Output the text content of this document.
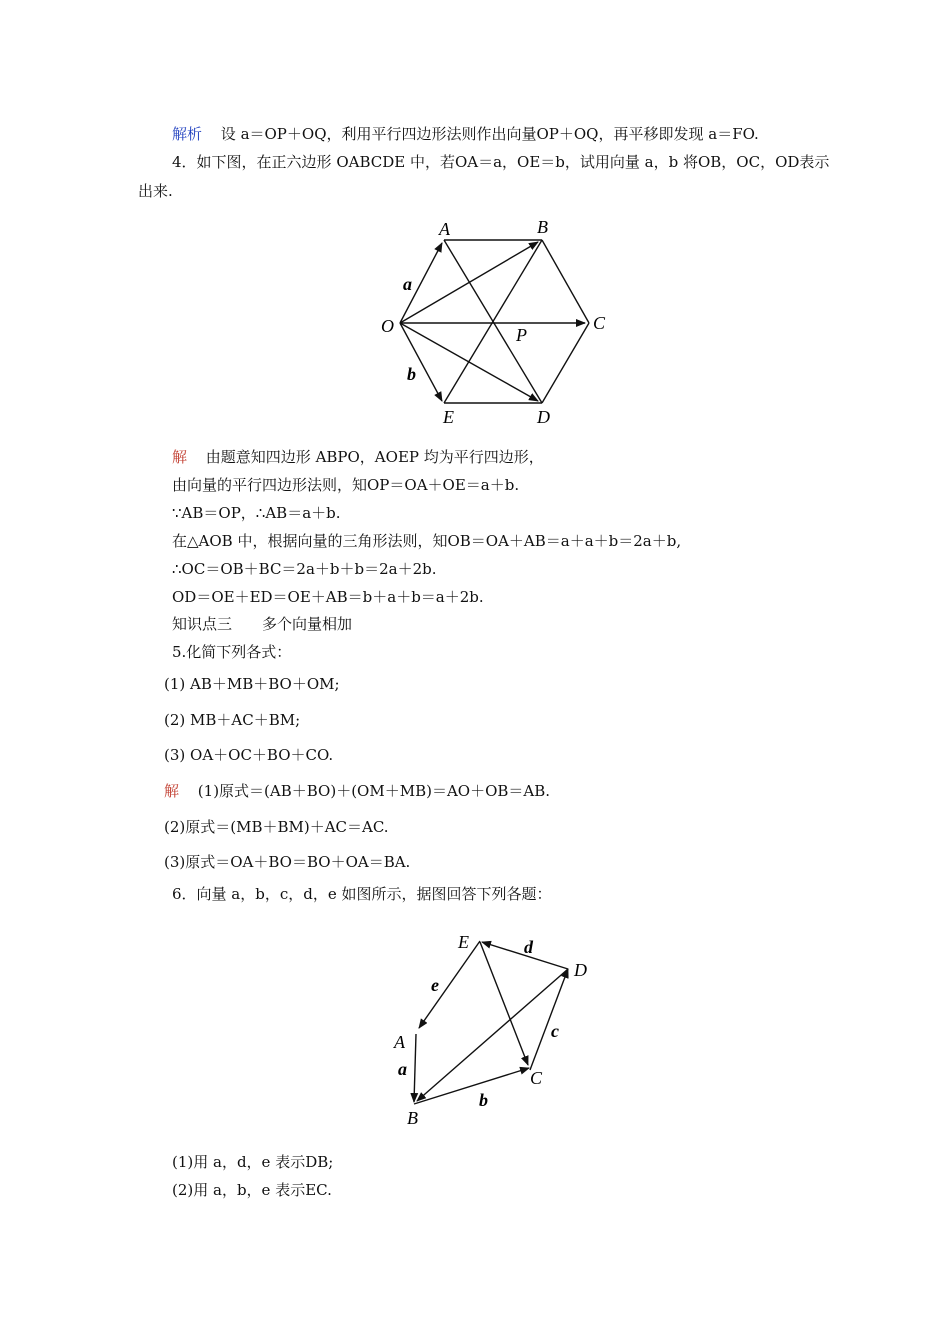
解析 设 a＝OP＋OQ，利用平行四边形法则作出向量OP＋OQ，再平移即发现 a＝FO.
4．如下图，在正六边形 OABCDE 中，若OA＝a，OE＝b，试用向量 a，b 将OB，OC，OD表示
出来.
A	B
C
D
E
O	P
a
b
解 由题意知四边形 ABPO，AOEP 均为平行四边形，
由向量的平行四边形法则，知OP＝OA＋OE＝a＋b.
∵AB＝OP，∴AB＝a＋b.
在△AOB 中，根据向量的三角形法则，知OB＝OA＋AB＝a＋a＋b＝2a＋b,
∴OC＝OB＋BC＝2a＋b＋b＝2a＋2b.
OD＝OE＋ED＝OE＋AB＝b＋a＋b＝a＋2b.
知识点三　　多个向量相加
5.化简下列各式：
(1) AB＋MB＋BO＋OM;
(2) MB＋AC＋BM;
(3) OA＋OC＋BO＋CO.
解 (1)原式＝(AB＋BO)＋(OM＋MB)＝AO＋OB＝AB.
(2)原式＝(MB＋BM)＋AC＝AC.
(3)原式＝OA＋BO＝BO＋OA＝BA.
6．向量 a，b，c，d，e 如图所示，据图回答下列各题：
E	d
D
e
c
A
a	C
b
B
(1)用 a，d，e 表示DB;
(2)用 a，b，e 表示EC.
